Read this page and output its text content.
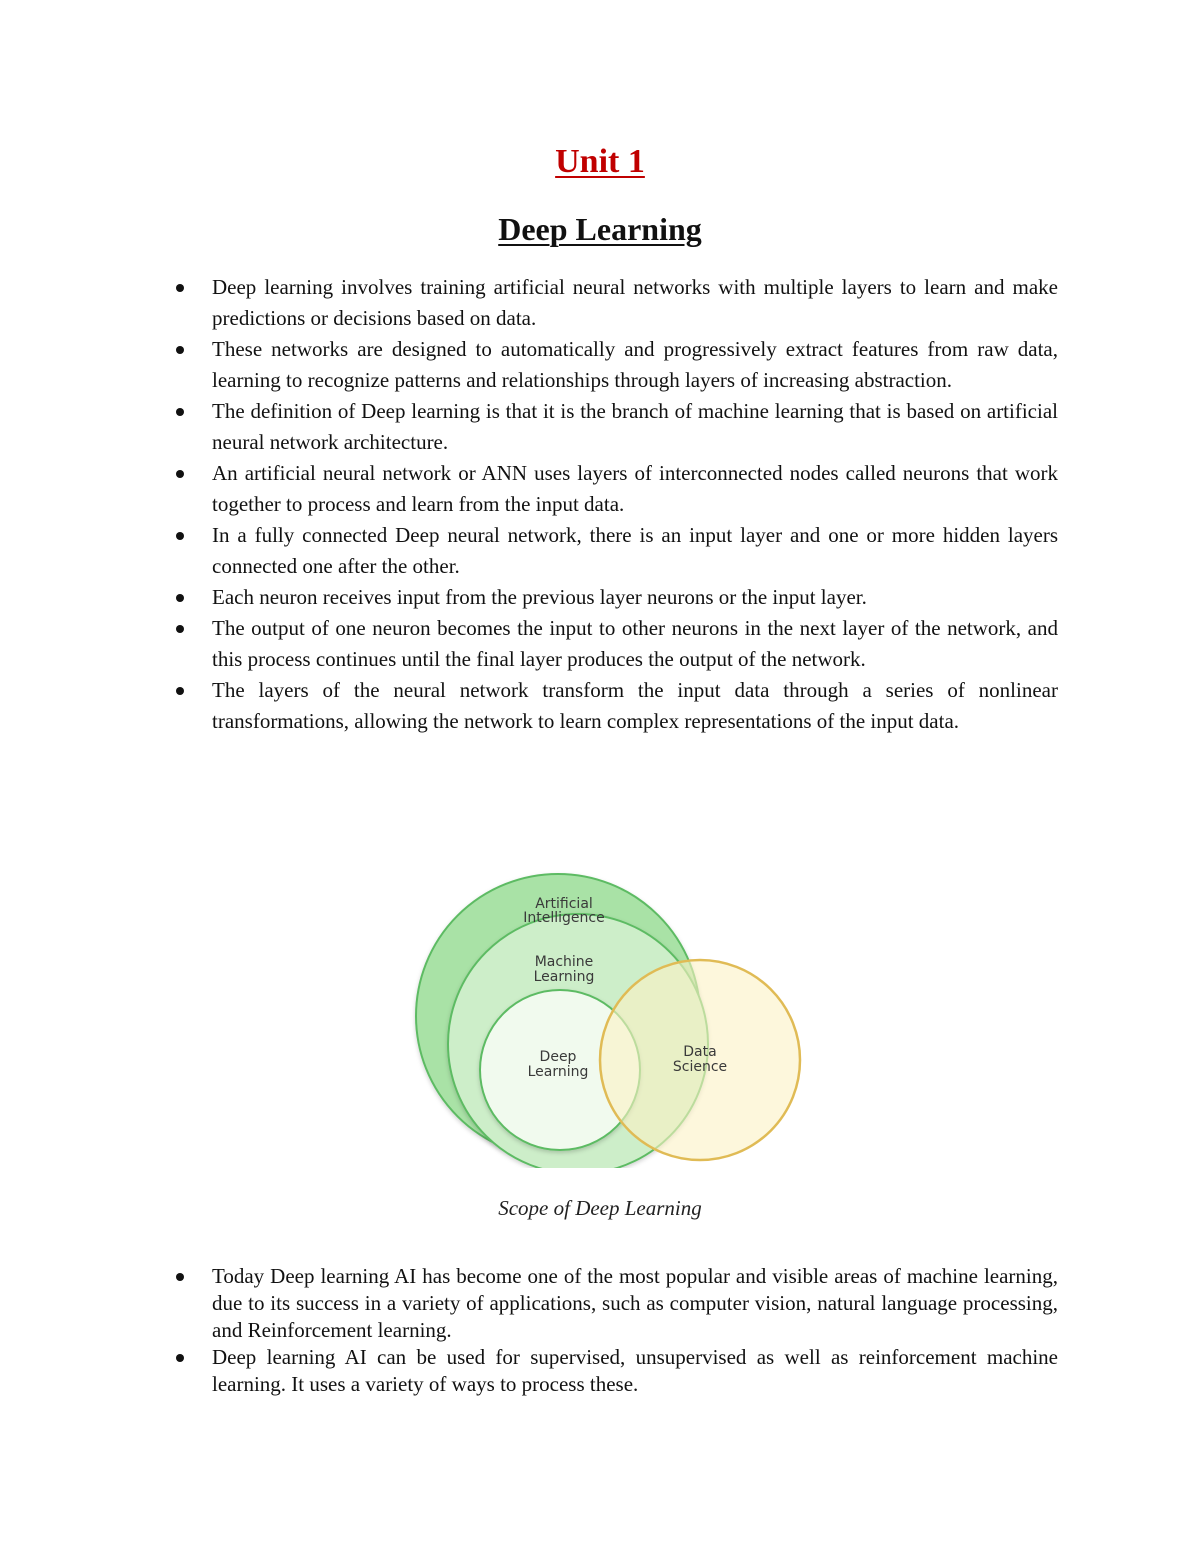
Unit 1
Deep Learning
Deep learning involves training artificial neural networks with multiple layers to learn and make predictions or decisions based on data.
These networks are designed to automatically and progressively extract features from raw data, learning to recognize patterns and relationships through layers of increasing abstraction.
The definition of Deep learning is that it is the branch of machine learning that is based on artificial neural network architecture.
An artificial neural network or ANN uses layers of interconnected nodes called neurons that work together to process and learn from the input data.
In a fully connected Deep neural network, there is an input layer and one or more hidden layers connected one after the other.
Each neuron receives input from the previous layer neurons or the input layer.
The output of one neuron becomes the input to other neurons in the next layer of the network, and this process continues until the final layer produces the output of the network.
The layers of the neural network transform the input data through a series of nonlinear transformations, allowing the network to learn complex representations of the input data.
Artificial
Intelligence
Machine
Learning
Deep
Learning
Data
Science
Scope of Deep Learning
Today Deep learning AI has become one of the most popular and visible areas of machine learning, due to its success in a variety of applications, such as computer vision, natural language processing, and Reinforcement learning.
Deep learning AI can be used for supervised, unsupervised as well as reinforcement machine learning. It uses a variety of ways to process these.
